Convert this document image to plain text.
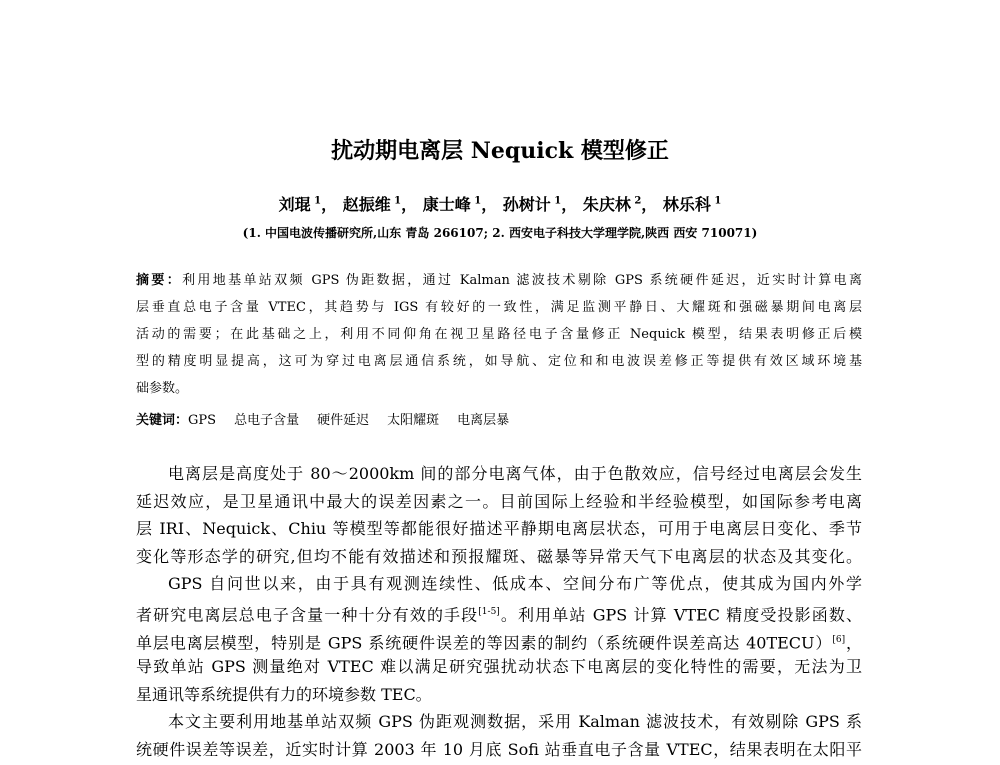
扰动期电离层 Nequick 模型修正
刘琨 $^1$， 赵振维 $^1$， 康士峰 $^1$， 孙树计 $^1$， 朱庆林 $^2$， 林乐科 $^1$
(1. 中国电波传播研究所,山东 青岛 266107; 2. 西安电子科技大学理学院,陕西 西安 710071)
摘要：利用地基单站双频 GPS 伪距数据，通过 Kalman 滤波技术剔除 GPS 系统硬件延迟，近实时计算电离
层垂直总电子含量 VTEC，其趋势与 IGS 有较好的一致性，满足监测平静日、大耀斑和强磁暴期间电离层
活动的需要；在此基础之上，利用不同仰角在视卫星路径电子含量修正 Nequick 模型，结果表明修正后模
型的精度明显提高，这可为穿过电离层通信系统，如导航、定位和和电波误差修正等提供有效区域环境基
础参数。
关键词：GPS 总电子含量 硬件延迟 太阳耀斑 电离层暴
电离层是高度处于 80～2000km 间的部分电离气体，由于色散效应，信号经过电离层会发生
延迟效应，是卫星通讯中最大的误差因素之一。目前国际上经验和半经验模型，如国际参考电离
层 IRI、Nequick、Chiu 等模型等都能很好描述平静期电离层状态，可用于电离层日变化、季节
变化等形态学的研究,但均不能有效描述和预报耀斑、磁暴等异常天气下电离层的状态及其变化。
GPS 自问世以来，由于具有观测连续性、低成本、空间分布广等优点，使其成为国内外学
者研究电离层总电子含量一种十分有效的手段[1-5]。利用单站 GPS 计算 VTEC 精度受投影函数、
单层电离层模型，特别是 GPS 系统硬件误差的等因素的制约（系统硬件误差高达 40TECU）[6]，
导致单站 GPS 测量绝对 VTEC 难以满足研究强扰动状态下电离层的变化特性的需要，无法为卫
星通讯等系统提供有力的环境参数 TEC。
本文主要利用地基单站双频 GPS 伪距观测数据，采用 Kalman 滤波技术，有效剔除 GPS 系
统硬件误差等误差，近实时计算 2003 年 10 月底 Sofi 站垂直电子含量 VTEC，结果表明在太阳平
